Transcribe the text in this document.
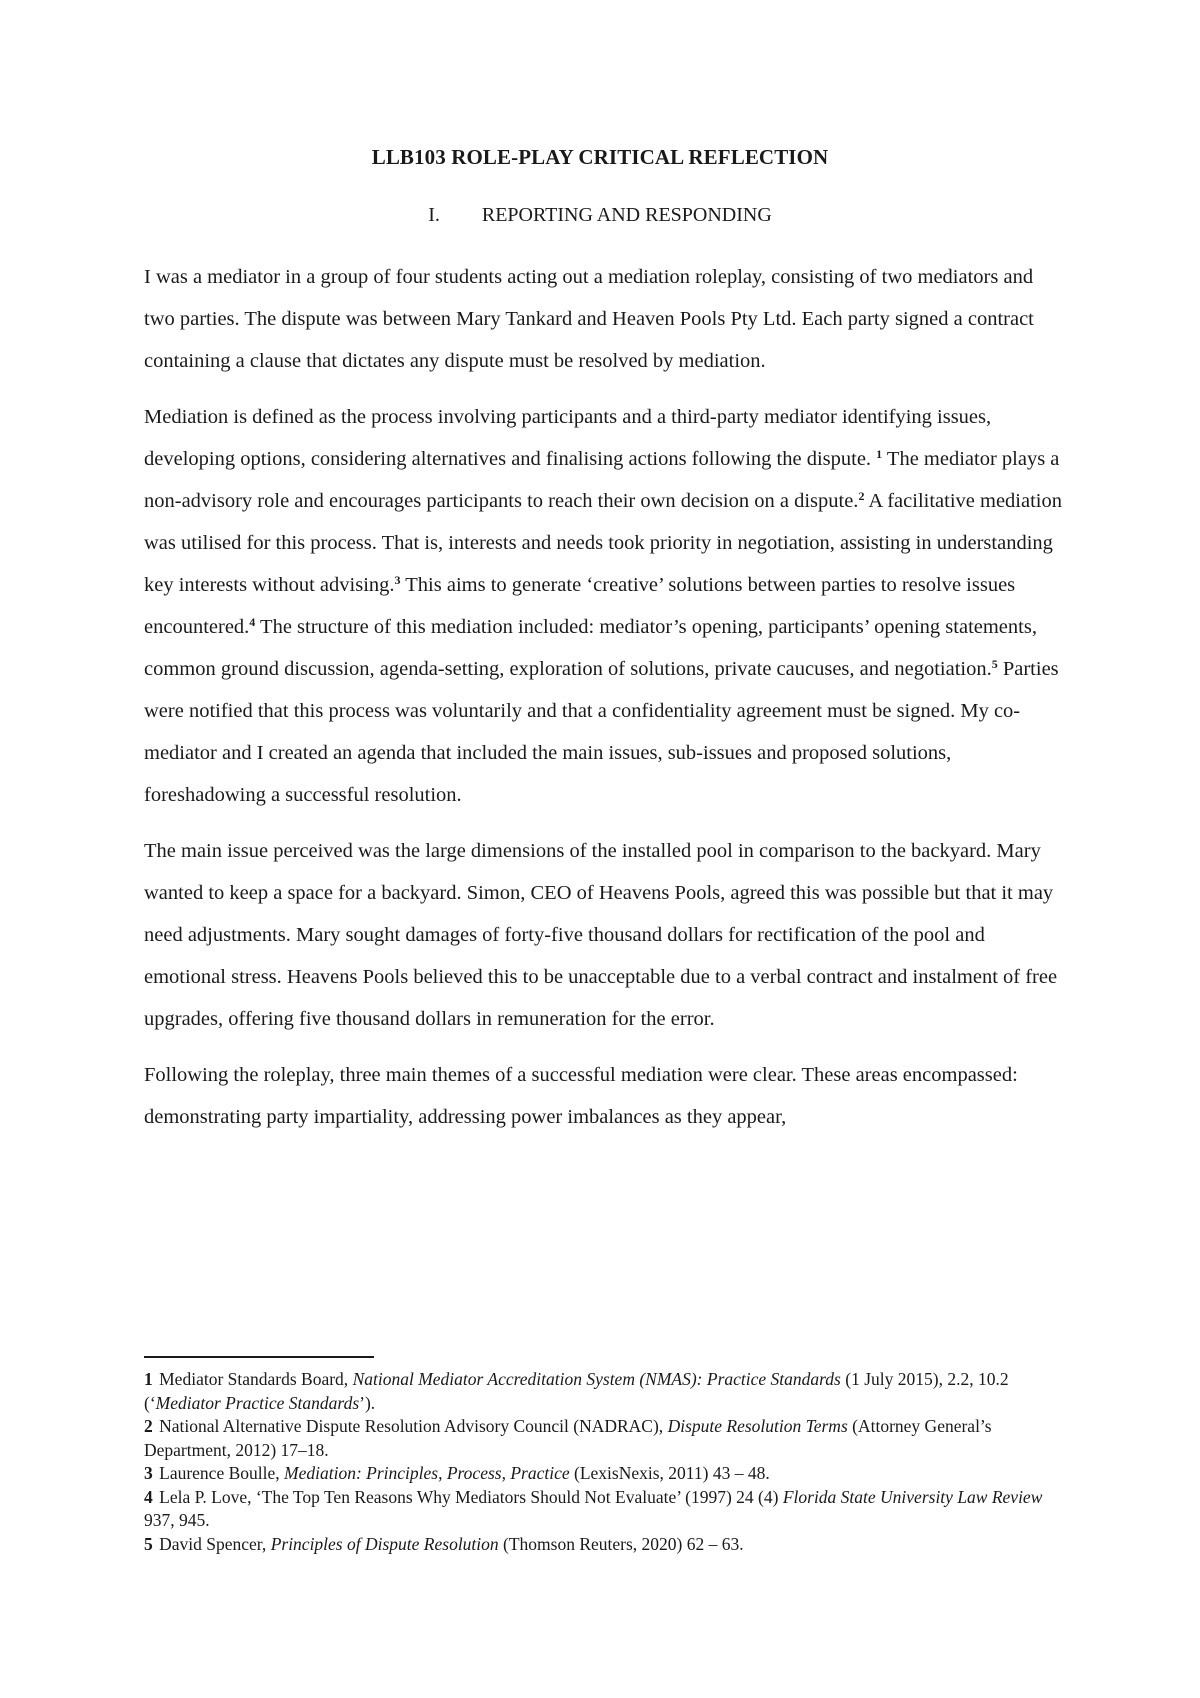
LLB103 ROLE-PLAY CRITICAL REFLECTION
I. REPORTING AND RESPONDING

I was a mediator in a group of four students acting out a mediation roleplay, consisting of two mediators and two parties. The dispute was between Mary Tankard and Heaven Pools Pty Ltd. Each party signed a contract containing a clause that dictates any dispute must be resolved by mediation.

Mediation is defined as the process involving participants and a third-party mediator identifying issues, developing options, considering alternatives and finalising actions following the dispute. $^1$ The mediator plays a non-advisory role and encourages participants to reach their own decision on a dispute.$^2$ A facilitative mediation was utilised for this process. That is, interests and needs took priority in negotiation, assisting in understanding key interests without advising.$^3$ This aims to generate ‘creative’ solutions between parties to resolve issues encountered.$^4$ The structure of this mediation included: mediator’s opening, participants’ opening statements, common ground discussion, agenda-setting, exploration of solutions, private caucuses, and negotiation.$^5$ Parties were notified that this process was voluntarily and that a confidentiality agreement must be signed. My co-mediator and I created an agenda that included the main issues, sub-issues and proposed solutions, foreshadowing a successful resolution.

The main issue perceived was the large dimensions of the installed pool in comparison to the backyard. Mary wanted to keep a space for a backyard. Simon, CEO of Heavens Pools, agreed this was possible but that it may need adjustments. Mary sought damages of forty-five thousand dollars for rectification of the pool and emotional stress. Heavens Pools believed this to be unacceptable due to a verbal contract and instalment of free upgrades, offering five thousand dollars in remuneration for the error.

Following the roleplay, three main themes of a successful mediation were clear. These areas encompassed: demonstrating party impartiality, addressing power imbalances as they appear,

1 Mediator Standards Board, National Mediator Accreditation System (NMAS): Practice Standards (1 July 2015), 2.2, 10.2 (‘Mediator Practice Standards’).

2 National Alternative Dispute Resolution Advisory Council (NADRAC), Dispute Resolution Terms (Attorney General’s Department, 2012) 17–18.

3 Laurence Boulle, Mediation: Principles, Process, Practice (LexisNexis, 2011) 43 – 48.

4 Lela P. Love, ‘The Top Ten Reasons Why Mediators Should Not Evaluate’ (1997) 24 (4) Florida State University Law Review 937, 945.

5 David Spencer, Principles of Dispute Resolution (Thomson Reuters, 2020) 62 – 63.
